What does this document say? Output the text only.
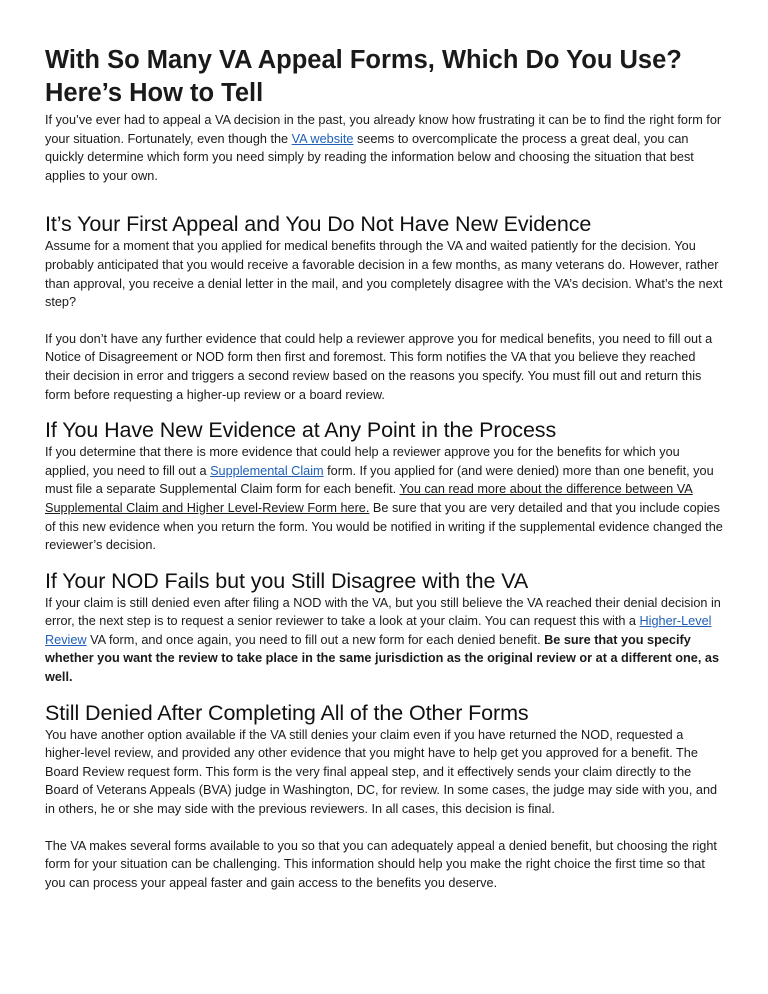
With So Many VA Appeal Forms, Which Do You Use? Here’s How to Tell

If you’ve ever had to appeal a VA decision in the past, you already know how frustrating it can be to find the right form for your situation. Fortunately, even though the VA website seems to overcomplicate the process a great deal, you can quickly determine which form you need simply by reading the information below and choosing the situation that best applies to your own.

It’s Your First Appeal and You Do Not Have New Evidence

Assume for a moment that you applied for medical benefits through the VA and waited patiently for the decision. You probably anticipated that you would receive a favorable decision in a few months, as many veterans do. However, rather than approval, you receive a denial letter in the mail, and you completely disagree with the VA’s decision. What’s the next step?

If you don’t have any further evidence that could help a reviewer approve you for medical benefits, you need to fill out a Notice of Disagreement or NOD form then first and foremost. This form notifies the VA that you believe they reached their decision in error and triggers a second review based on the reasons you specify. You must fill out and return this form before requesting a higher-up review or a board review.

If You Have New Evidence at Any Point in the Process

If you determine that there is more evidence that could help a reviewer approve you for the benefits for which you applied, you need to fill out a Supplemental Claim form. If you applied for (and were denied) more than one benefit, you must file a separate Supplemental Claim form for each benefit. You can read more about the difference between VA Supplemental Claim and Higher Level-Review Form here. Be sure that you are very detailed and that you include copies of this new evidence when you return the form. You would be notified in writing if the supplemental evidence changed the reviewer’s decision.

If Your NOD Fails but you Still Disagree with the VA

If your claim is still denied even after filing a NOD with the VA, but you still believe the VA reached their denial decision in error, the next step is to request a senior reviewer to take a look at your claim. You can request this with a Higher-Level Review VA form, and once again, you need to fill out a new form for each denied benefit. Be sure that you specify whether you want the review to take place in the same jurisdiction as the original review or at a different one, as well.

Still Denied After Completing All of the Other Forms

You have another option available if the VA still denies your claim even if you have returned the NOD, requested a higher-level review, and provided any other evidence that you might have to help get you approved for a benefit. The Board Review request form. This form is the very final appeal step, and it effectively sends your claim directly to the Board of Veterans Appeals (BVA) judge in Washington, DC, for review. In some cases, the judge may side with you, and in others, he or she may side with the previous reviewers. In all cases, this decision is final.

The VA makes several forms available to you so that you can adequately appeal a denied benefit, but choosing the right form for your situation can be challenging. This information should help you make the right choice the first time so that you can process your appeal faster and gain access to the benefits you deserve.
